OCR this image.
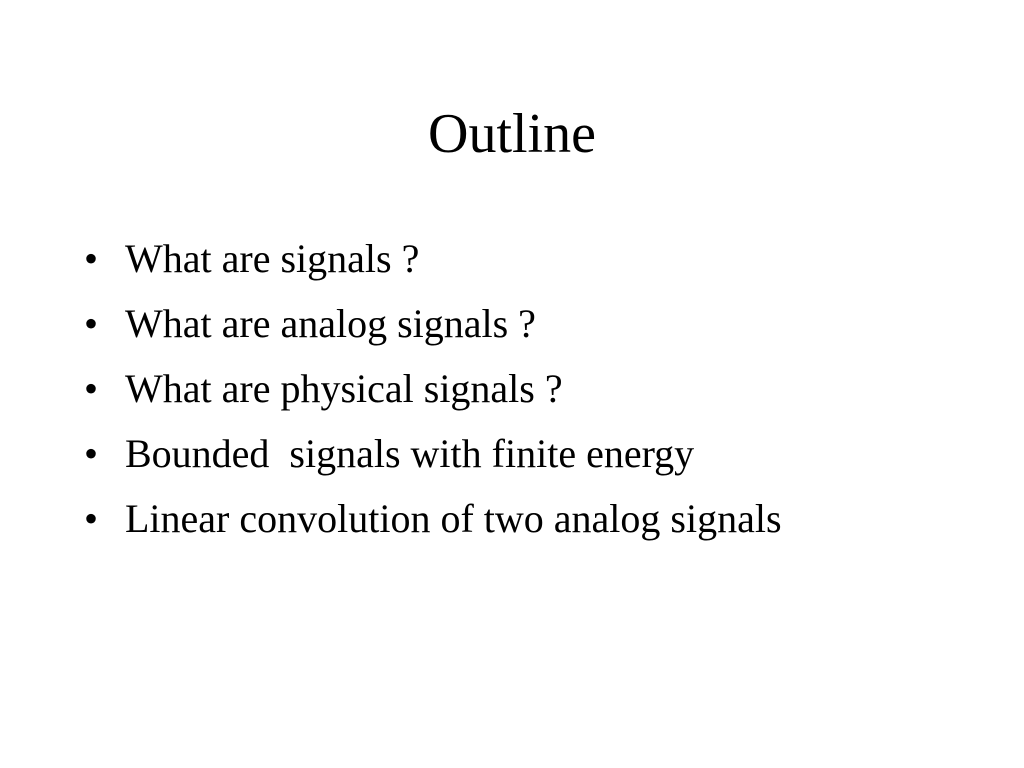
Outline
• What are signals ?
• What are analog signals ?
• What are physical signals ?
• Bounded  signals with finite energy
• Linear convolution of two analog signals
